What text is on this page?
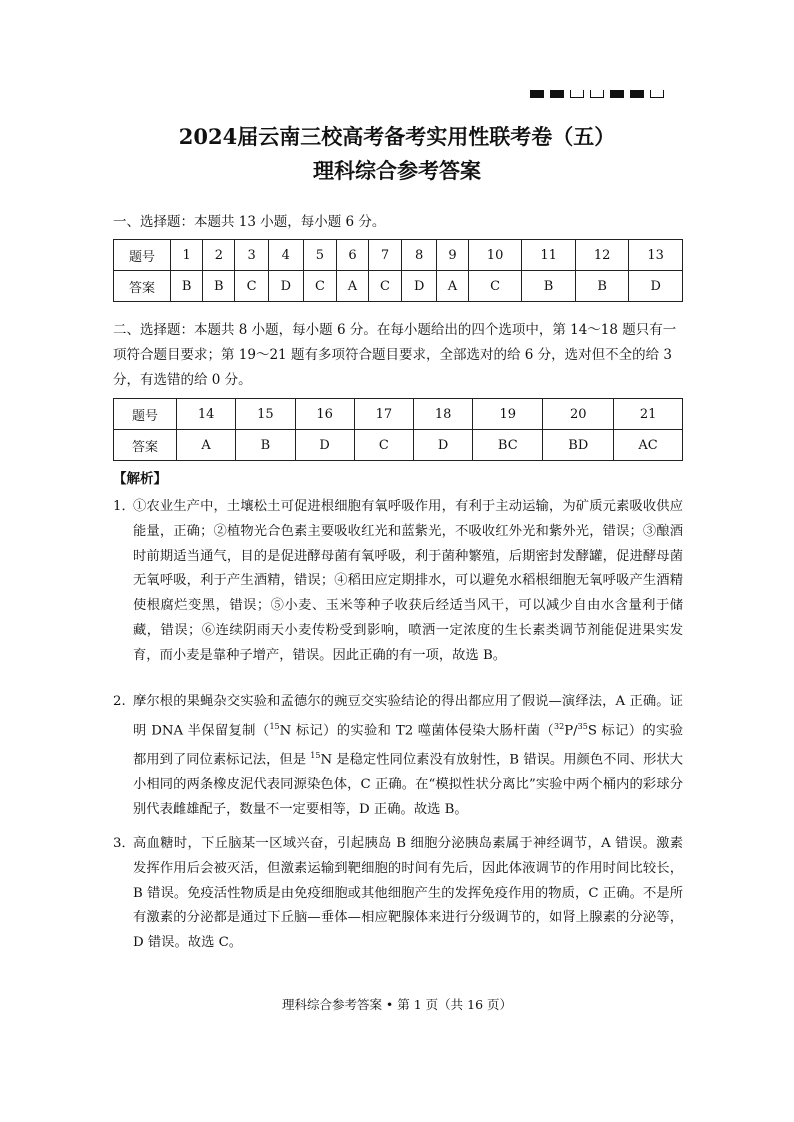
2024届云南三校高考备考实用性联考卷（五）
理科综合参考答案
一、选择题：本题共 13 小题，每小题 6 分。
题号	1	2	3	4	5	6	7	8	9	10	11	12	13
答案	B	B	C	D	C	A	C	D	A	C	B	B	D
二、选择题：本题共 8 小题，每小题 6 分。在每小题给出的四个选项中，第 14～18 题只有一项符合题目要求；第 19～21 题有多项符合题目要求，全部选对的给 6 分，选对但不全的给 3 分，有选错的给 0 分。
题号	14	15	16	17	18	19	20	21
答案	A	B	D	C	D	BC	BD	AC
【解析】
1．
①农业生产中，土壤松土可促进根细胞有氧呼吸作用，有利于主动运输，为矿质元素吸收供应能量，正确；②植物光合色素主要吸收红光和蓝紫光，不吸收红外光和紫外光，错误；③酿酒时前期适当通气，目的是促进酵母菌有氧呼吸，利于菌种繁殖，后期密封发酵罐，促进酵母菌无氧呼吸，利于产生酒精，错误；④稻田应定期排水，可以避免水稻根细胞无氧呼吸产生酒精使根腐烂变黑，错误；⑤小麦、玉米等种子收获后经适当风干，可以减少自由水含量利于储藏，错误；⑥连续阴雨天小麦传粉受到影响，喷洒一定浓度的生长素类调节剂能促进果实发育，而小麦是靠种子增产，错误。因此正确的有一项，故选 B。
2. 摩尔根的果蝇杂交实验和孟德尔的豌豆交实验结论的得出都应用了假说—演绎法，A 正确。证明 DNA 半保留复制（$^{15}$N 标记）的实验和 T2 噬菌体侵染大肠杆菌（$^{32}$P/$^{35}$S 标记）的实验都用到了同位素标记法，但是 $^{15}$N 是稳定性同位素没有放射性，B 错误。用颜色不同、形状大小相同的两条橡皮泥代表同源染色体，C 正确。在“模拟性状分离比”实验中两个桶内的彩球分别代表雌雄配子，数量不一定要相等，D 正确。故选 B。
3．
高血糖时，下丘脑某一区域兴奋，引起胰岛 B 细胞分泌胰岛素属于神经调节，A 错误。激素发挥作用后会被灭活，但激素运输到靶细胞的时间有先后，因此体液调节的作用时间比较长，B 错误。免疫活性物质是由免疫细胞或其他细胞产生的发挥免疫作用的物质，C 正确。不是所有激素的分泌都是通过下丘脑—垂体—相应靶腺体来进行分级调节的，如肾上腺素的分泌等，D 错误。故选 C。
理科综合参考答案 • 第 1 页（共 16 页）
